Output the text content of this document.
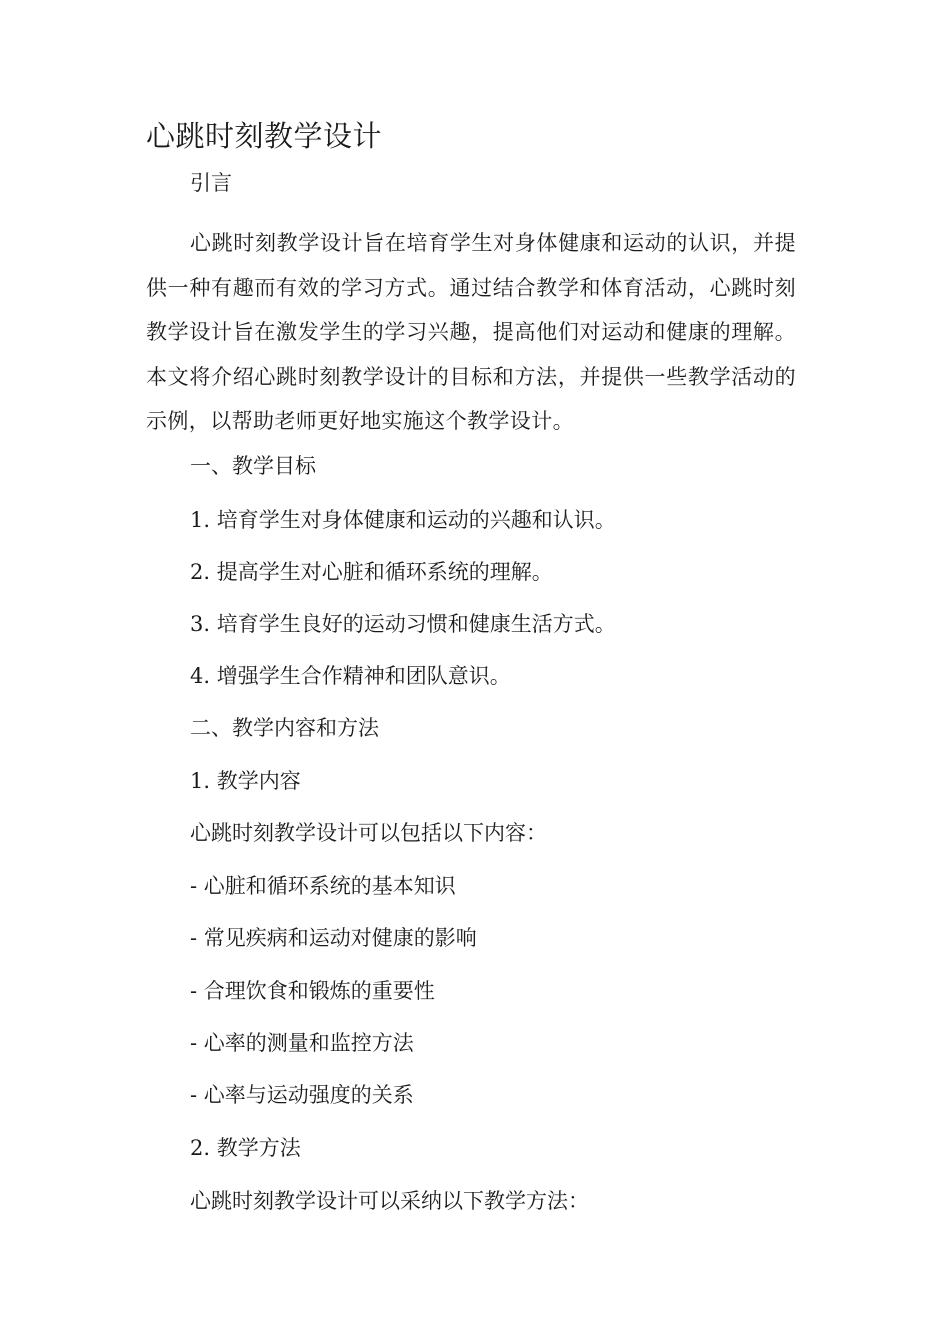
心跳时刻教学设计

引言

心跳时刻教学设计旨在培育学生对身体健康和运动的认识，并提供一种有趣而有效的学习方式。通过结合教学和体育活动，心跳时刻教学设计旨在激发学生的学习兴趣，提高他们对运动和健康的理解。本文将介绍心跳时刻教学设计的目标和方法，并提供一些教学活动的示例，以帮助老师更好地实施这个教学设计。

一、教学目标

1. 培育学生对身体健康和运动的兴趣和认识。

2. 提高学生对心脏和循环系统的理解。

3. 培育学生良好的运动习惯和健康生活方式。

4. 增强学生合作精神和团队意识。

二、教学内容和方法

1. 教学内容

心跳时刻教学设计可以包括以下内容：

- 心脏和循环系统的基本知识

- 常见疾病和运动对健康的影响

- 合理饮食和锻炼的重要性

- 心率的测量和监控方法

- 心率与运动强度的关系

2. 教学方法

心跳时刻教学设计可以采纳以下教学方法：
